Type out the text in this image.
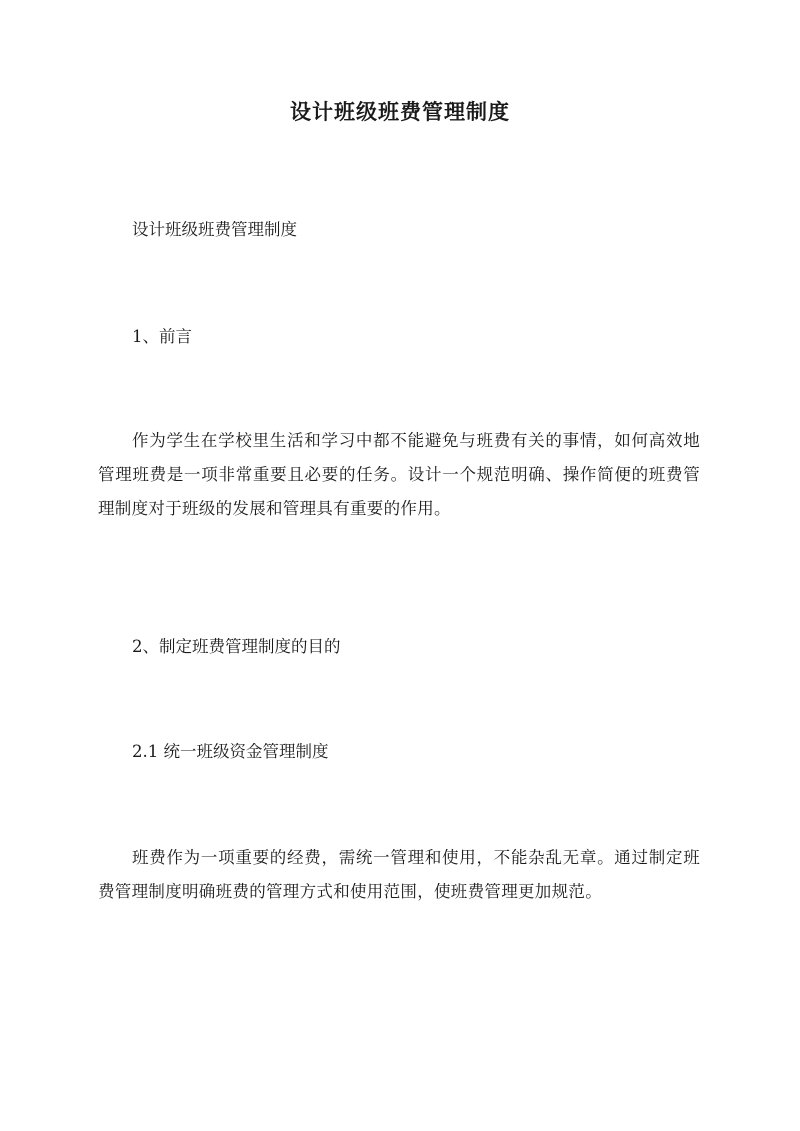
设计班级班费管理制度

设计班级班费管理制度

1、前言

作为学生在学校里生活和学习中都不能避免与班费有关的事情，如何高效地管理班费是一项非常重要且必要的任务。设计一个规范明确、操作简便的班费管理制度对于班级的发展和管理具有重要的作用。

2、制定班费管理制度的目的

2.1 统一班级资金管理制度

班费作为一项重要的经费，需统一管理和使用，不能杂乱无章。通过制定班费管理制度明确班费的管理方式和使用范围，使班费管理更加规范。
